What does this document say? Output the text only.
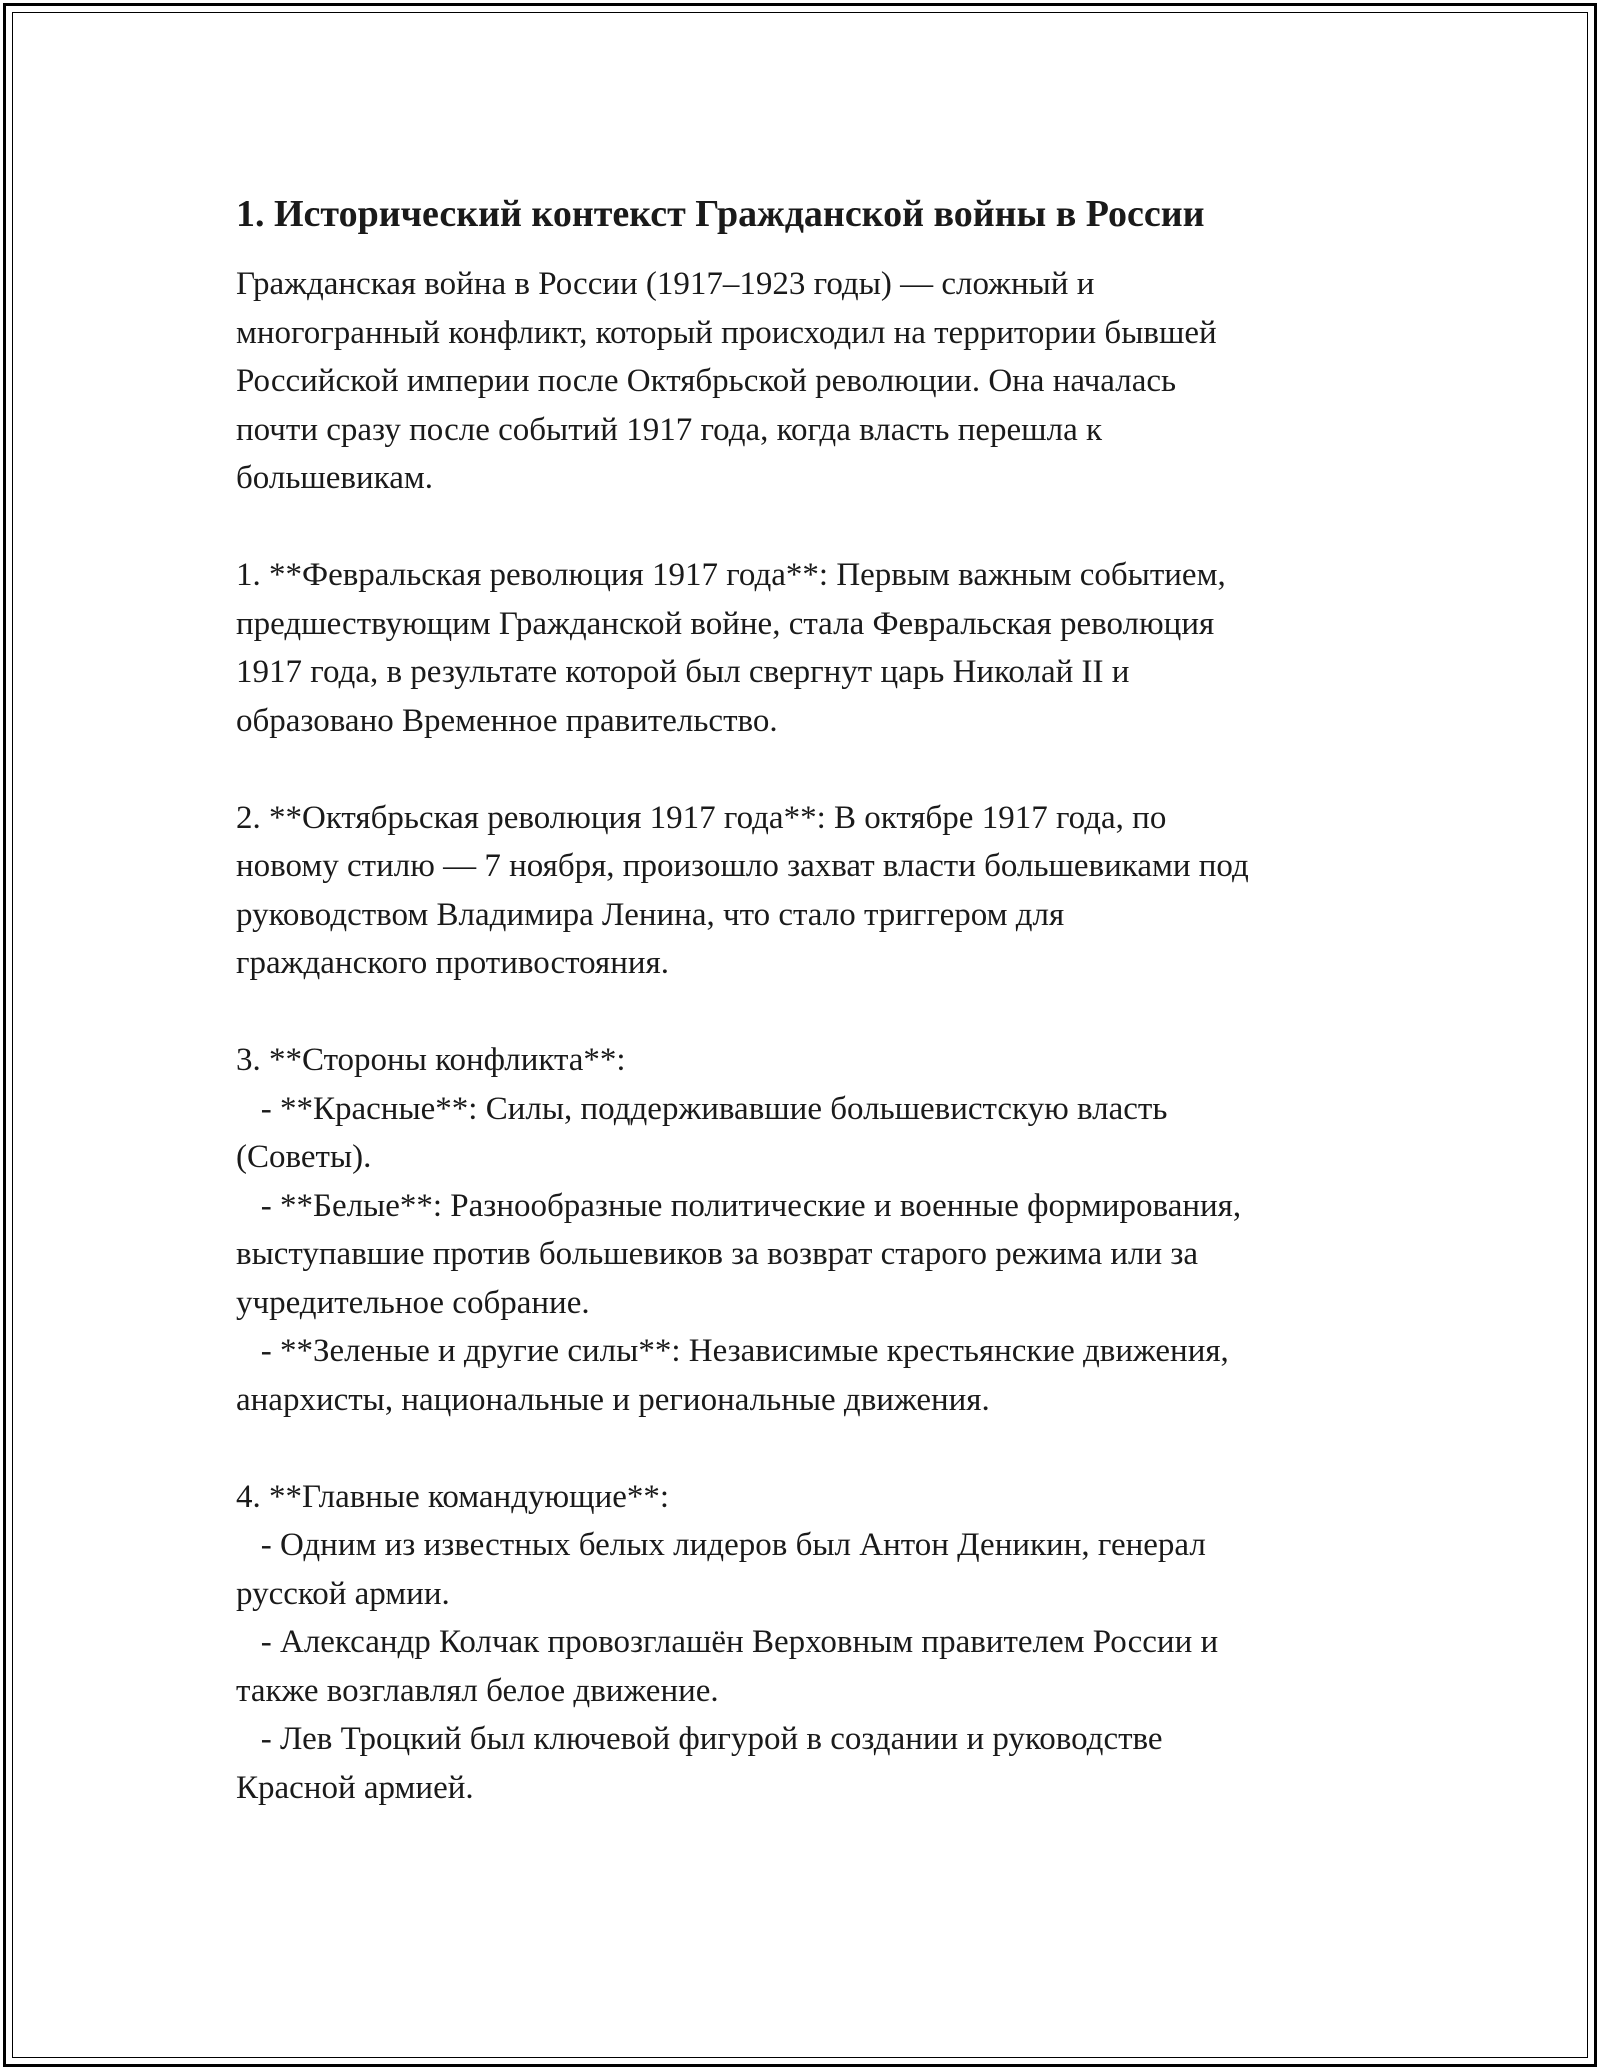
1. Исторический контекст Гражданской войны в России
Гражданская война в России (1917–1923 годы) — сложный и
многогранный конфликт, который происходил на территории бывшей
Российской империи после Октябрьской революции. Она началась
почти сразу после событий 1917 года, когда власть перешла к
большевикам.
1. **Февральская революция 1917 года**: Первым важным событием,
предшествующим Гражданской войне, стала Февральская революция
1917 года, в результате которой был свергнут царь Николай II и
образовано Временное правительство.
2. **Октябрьская революция 1917 года**: В октябре 1917 года, по
новому стилю — 7 ноября, произошло захват власти большевиками под
руководством Владимира Ленина, что стало триггером для
гражданского противостояния.
3. **Стороны конфликта**:
- **Красные**: Силы, поддерживавшие большевистскую власть
(Советы).
- **Белые**: Разнообразные политические и военные формирования,
выступавшие против большевиков за возврат старого режима или за
учредительное собрание.
- **Зеленые и другие силы**: Независимые крестьянские движения,
анархисты, национальные и региональные движения.
4. **Главные командующие**:
- Одним из известных белых лидеров был Антон Деникин, генерал
русской армии.
- Александр Колчак провозглашён Верховным правителем России и
также возглавлял белое движение.
- Лев Троцкий был ключевой фигурой в создании и руководстве
Красной армией.
